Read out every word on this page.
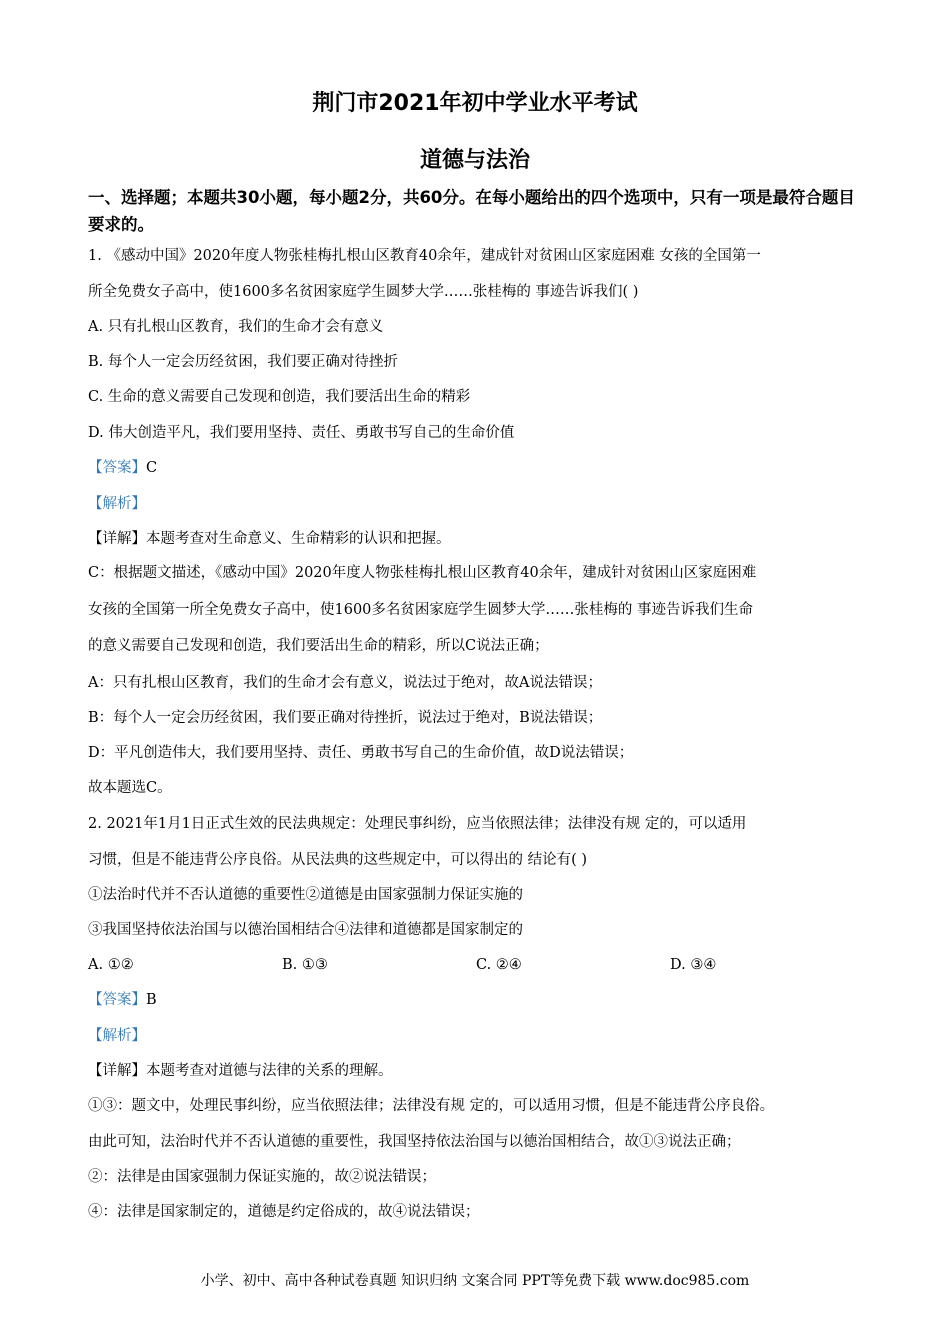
荆门市2021年初中学业水平考试
道德与法治
一、选择题；本题共30小题，每小题2分，共60分。在每小题给出的四个选项中，只有一项是最符合题目要求的。
1. 《感动中国》2020年度人物张桂梅扎根山区教育40余年，建成针对贫困山区家庭困难 女孩的全国第一
所全免费女子高中，使1600多名贫困家庭学生圆梦大学……张桂梅的 事迹告诉我们( )
A. 只有扎根山区教育，我们的生命才会有意义
B. 每个人一定会历经贫困，我们要正确对待挫折
C. 生命的意义需要自己发现和创造，我们要活出生命的精彩
D. 伟大创造平凡，我们要用坚持、责任、勇敢书写自己的生命价值
【答案】C
【解析】
【详解】本题考查对生命意义、生命精彩的认识和把握。
C：根据题文描述，《感动中国》2020年度人物张桂梅扎根山区教育40余年，建成针对贫困山区家庭困难
女孩的全国第一所全免费女子高中，使1600多名贫困家庭学生圆梦大学……张桂梅的 事迹告诉我们生命
的意义需要自己发现和创造，我们要活出生命的精彩，所以C说法正确；
A：只有扎根山区教育，我们的生命才会有意义，说法过于绝对，故A说法错误；
B：每个人一定会历经贫困，我们要正确对待挫折，说法过于绝对，B说法错误；
D：平凡创造伟大，我们要用坚持、责任、勇敢书写自己的生命价值，故D说法错误；
故本题选C。
2. 2021年1月1日正式生效的民法典规定：处理民事纠纷，应当依照法律；法律没有规 定的，可以适用
习惯，但是不能违背公序良俗。从民法典的这些规定中，可以得出的 结论有( )
①法治时代并不否认道德的重要性②道德是由国家强制力保证实施的
③我国坚持依法治国与以德治国相结合④法律和道德都是国家制定的
A. ①②	B. ①③	C. ②④	D. ③④
【答案】B
【解析】
【详解】本题考查对道德与法律的关系的理解。
①③：题文中，处理民事纠纷，应当依照法律；法律没有规 定的，可以适用习惯，但是不能违背公序良俗。
由此可知，法治时代并不否认道德的重要性，我国坚持依法治国与以德治国相结合，故①③说法正确；
②：法律是由国家强制力保证实施的，故②说法错误；
④：法律是国家制定的，道德是约定俗成的，故④说法错误；
小学、初中、高中各种试卷真题 知识归纳 文案合同 PPT等免费下载 www.doc985.com
